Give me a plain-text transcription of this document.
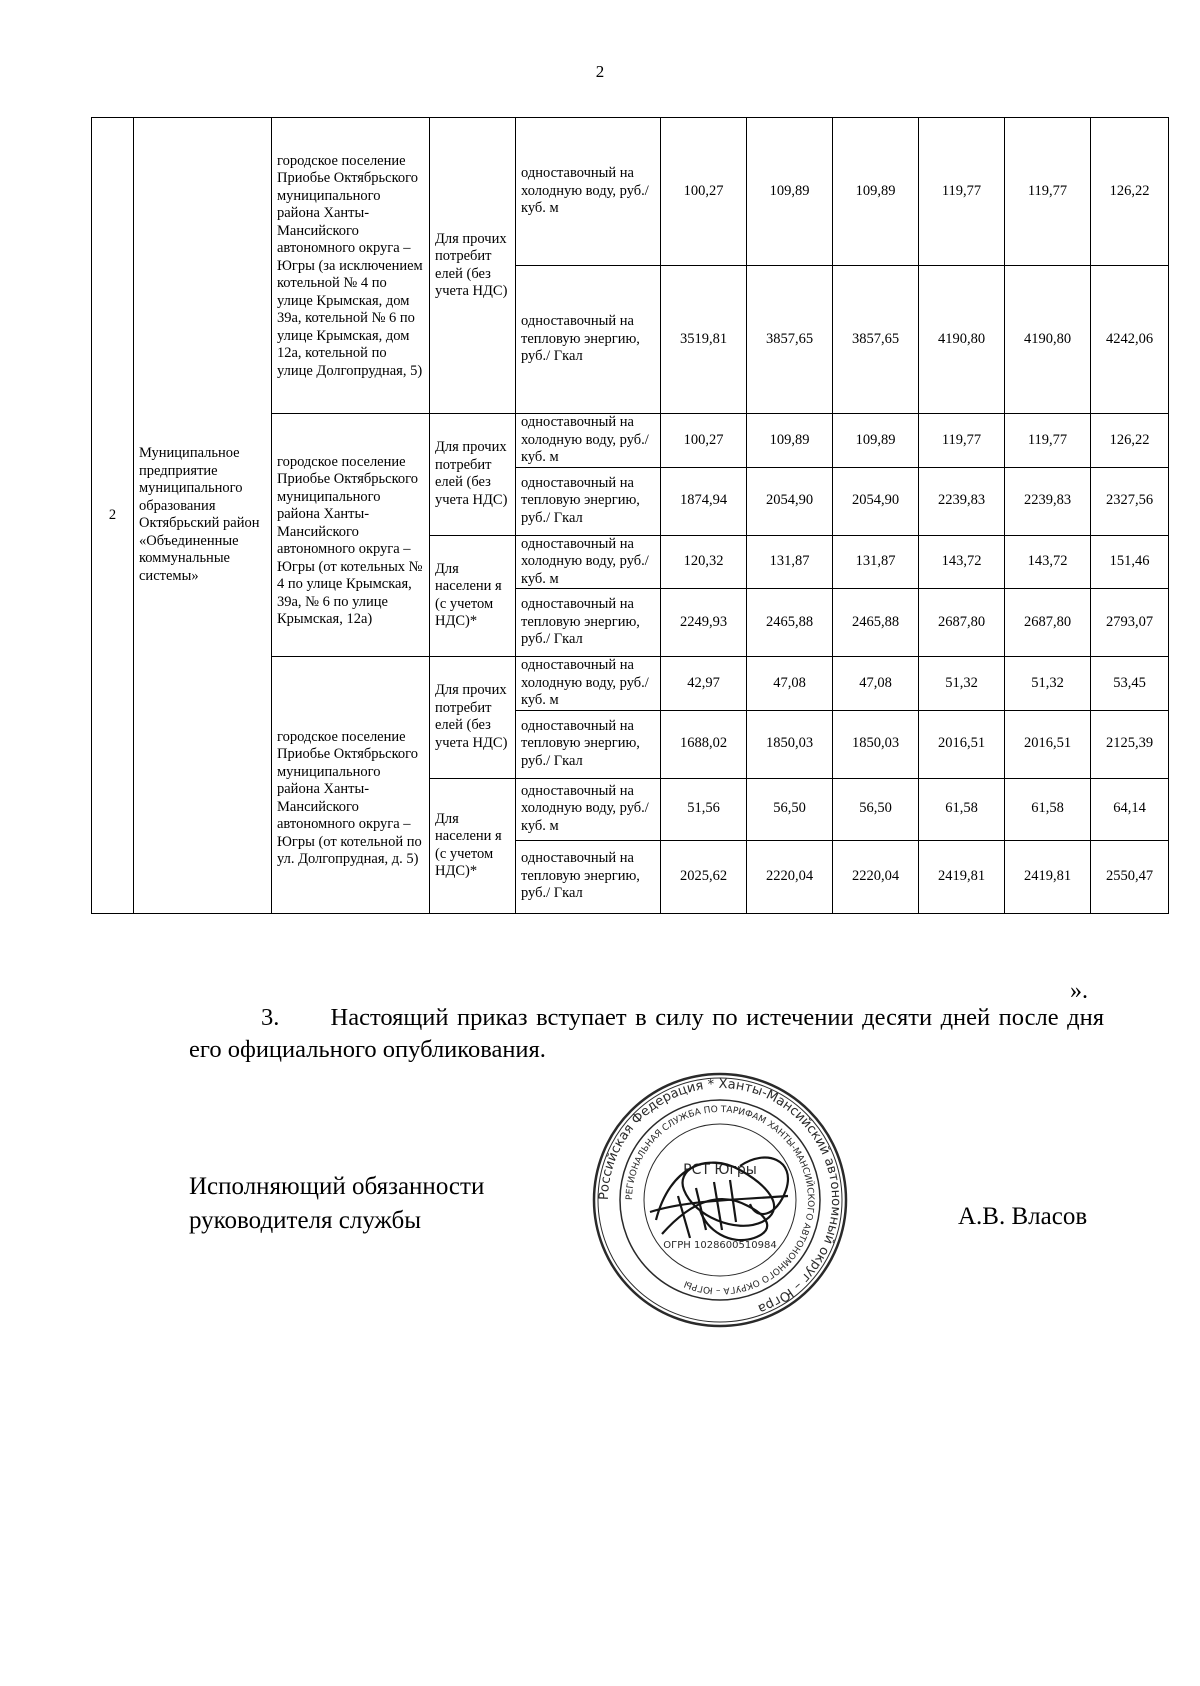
2
2	Муниципальное предприятие муниципального образования Октябрьский район «Объединенные коммунальные системы»	городское поселение Приобье Октябрьского муниципального района Ханты-Мансийского автономного округа – Югры (за исключением котельной № 4 по улице Крымская, дом 39а, котельной № 6 по улице Крымская, дом 12а, котельной по улице Долгопрудная, 5)	Для прочих потребит елей (без учета НДС)	одноставочный на холодную воду, руб./куб. м	100,27	109,89	109,89	119,77	119,77	126,22
				одноставочный на тепловую энергию, руб./ Гкал	3519,81	3857,65	3857,65	4190,80	4190,80	4242,06
		городское поселение Приобье Октябрьского муниципального района Ханты-Мансийского автономного округа – Югры (от котельных № 4 по улице Крымская, 39а, № 6 по улице Крымская, 12а)	Для прочих потребит елей (без учета НДС)	одноставочный на холодную воду, руб./куб. м	100,27	109,89	109,89	119,77	119,77	126,22
				одноставочный на тепловую энергию, руб./ Гкал	1874,94	2054,90	2054,90	2239,83	2239,83	2327,56
			Для населени я (с учетом НДС)*	одноставочный на холодную воду, руб./куб. м	120,32	131,87	131,87	143,72	143,72	151,46
				одноставочный на тепловую энергию, руб./ Гкал	2249,93	2465,88	2465,88	2687,80	2687,80	2793,07
		городское поселение Приобье Октябрьского муниципального района Ханты-Мансийского автономного округа – Югры (от котельной по ул. Долгопрудная, д. 5)	Для прочих потребит елей (без учета НДС)	одноставочный на холодную воду, руб./куб. м	42,97	47,08	47,08	51,32	51,32	53,45
				одноставочный на тепловую энергию, руб./ Гкал	1688,02	1850,03	1850,03	2016,51	2016,51	2125,39
			Для населени я (с учетом НДС)*	одноставочный на холодную воду, руб./куб. м	51,56	56,50	56,50	61,58	61,58	64,14
				одноставочный на тепловую энергию, руб./ Гкал	2025,62	2220,04	2220,04	2419,81	2419,81	2550,47
».
3. Настоящий приказ вступает в силу по истечении десяти дней после дня его официального опубликования.
Исполняющий обязанности
руководителя службы
Российская Федерация * Ханты-Мансийский автономный округ – Югра
РЕГИОНАЛЬНАЯ СЛУЖБА ПО ТАРИФАМ ХАНТЫ-МАНСИЙСКОГО АВТОНОМНОГО ОКРУГА – ЮГРЫ
РСТ Югры
ОГРН 1028600510984
А.В. Власов
